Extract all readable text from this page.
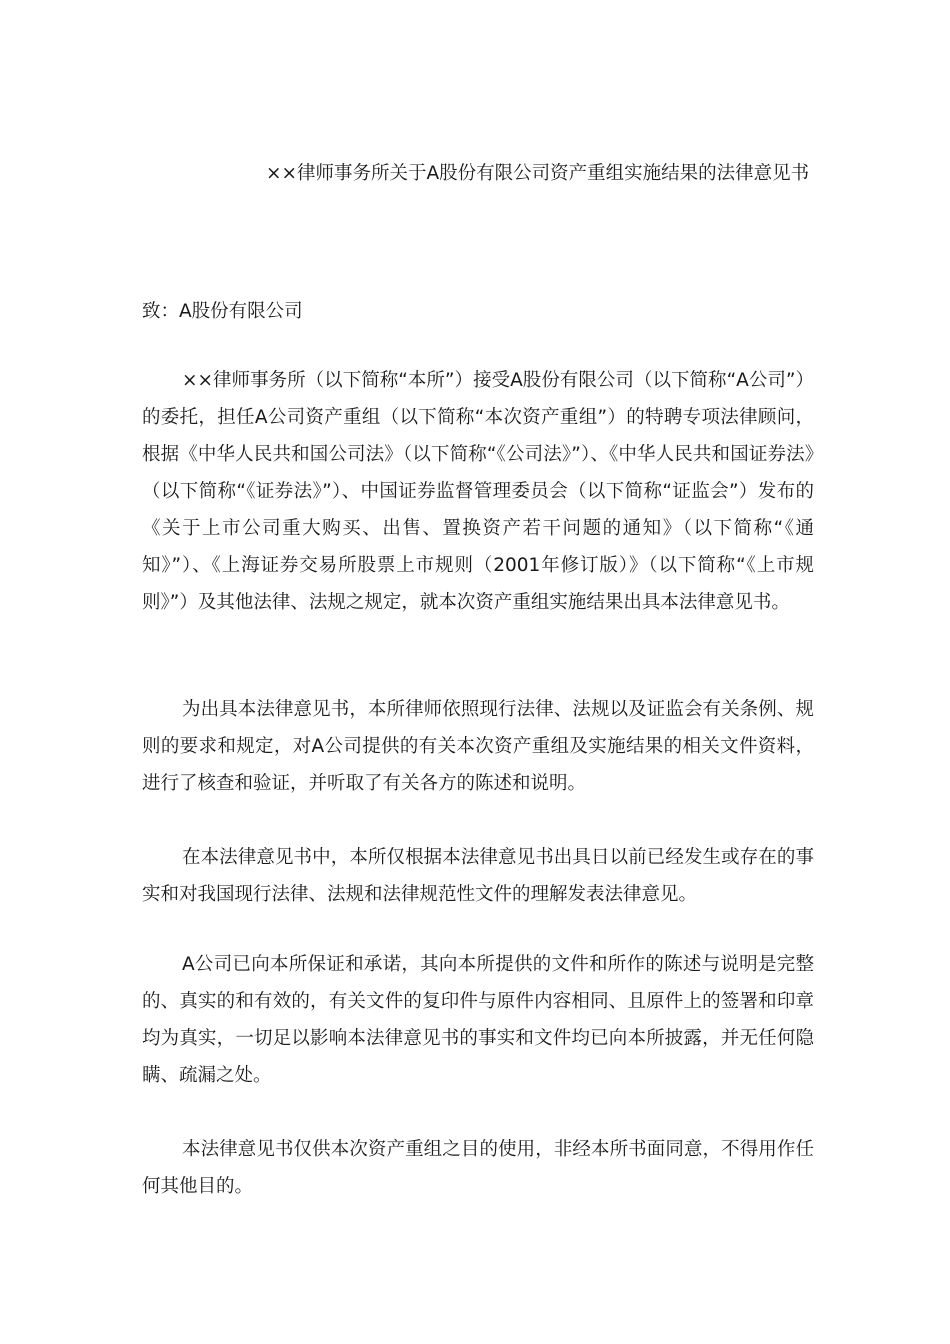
××律师事务所关于A股份有限公司资产重组实施结果的法律意见书
致：A股份有限公司

××律师事务所（以下简称“本所”）接受A股份有限公司（以下简称“A公司”）的委托，担任A公司资产重组（以下简称“本次资产重组”）的特聘专项法律顾问，根据《中华人民共和国公司法》（以下简称“《公司法》”）、《中华人民共和国证券法》（以下简称“《证券法》”）、中国证券监督管理委员会（以下简称“证监会”）发布的《关于上市公司重大购买、出售、置换资产若干问题的通知》（以下简称“《通知》”）、《上海证券交易所股票上市规则（2001年修订版）》（以下简称“《上市规则》”）及其他法律、法规之规定，就本次资产重组实施结果出具本法律意见书。

为出具本法律意见书，本所律师依照现行法律、法规以及证监会有关条例、规则的要求和规定，对A公司提供的有关本次资产重组及实施结果的相关文件资料，进行了核查和验证，并听取了有关各方的陈述和说明。

在本法律意见书中，本所仅根据本法律意见书出具日以前已经发生或存在的事实和对我国现行法律、法规和法律规范性文件的理解发表法律意见。

A公司已向本所保证和承诺，其向本所提供的文件和所作的陈述与说明是完整的、真实的和有效的，有关文件的复印件与原件内容相同、且原件上的签署和印章均为真实，一切足以影响本法律意见书的事实和文件均已向本所披露，并无任何隐瞒、疏漏之处。

本法律意见书仅供本次资产重组之目的使用，非经本所书面同意，不得用作任何其他目的。
